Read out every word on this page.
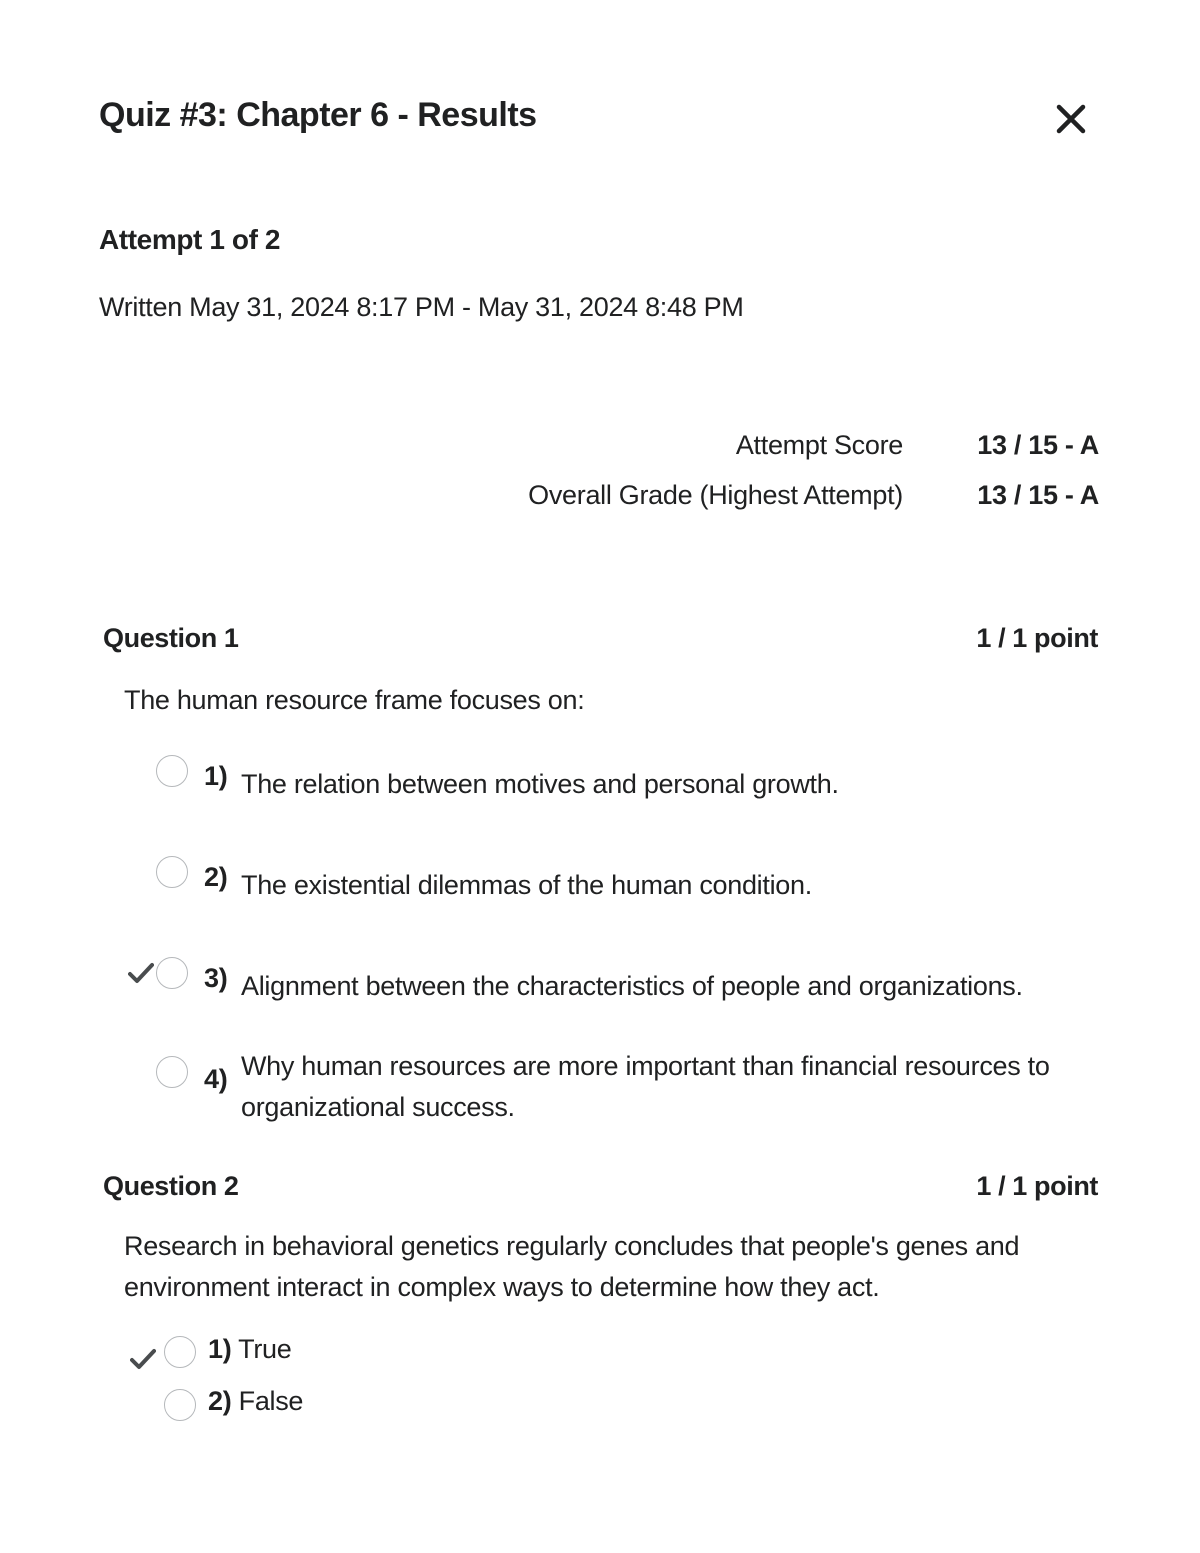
Quiz #3: Chapter 6 - Results
Attempt 1 of 2
Written May 31, 2024 8:17 PM - May 31, 2024 8:48 PM
Attempt Score	13 / 15 - A
Overall Grade (Highest Attempt)	13 / 15 - A
Question 1	1 / 1 point
The human resource frame focuses on:
1) The relation between motives and personal growth.
2) The existential dilemmas of the human condition.
3) Alignment between the characteristics of people and organizations.
4) Why human resources are more important than financial resources to organizational success.
Question 2	1 / 1 point
Research in behavioral genetics regularly concludes that people's genes and environment interact in complex ways to determine how they act.
1) True
2) False
